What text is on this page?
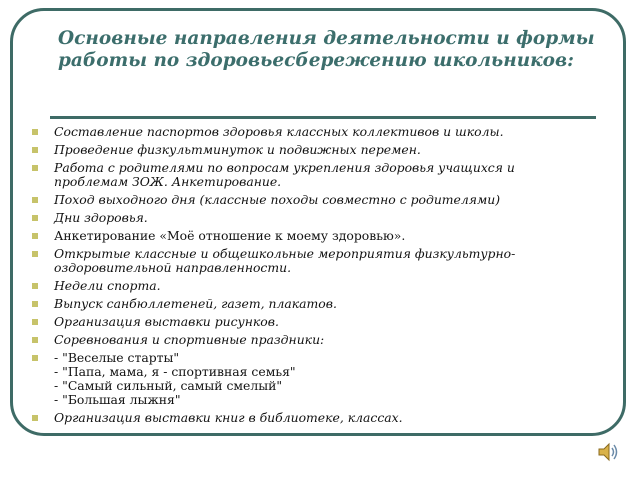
Основные направления деятельности и формы работы по здоровьесбережению школьников:
Составление паспортов здоровья классных коллективов и школы.
Проведение физкультминуток и подвижных перемен.
Работа с родителями по вопросам укрепления здоровья учащихся и проблемам ЗОЖ. Анкетирование.
Поход выходного дня (классные походы совместно с родителями)
Дни здоровья.
Анкетирование «Моё отношение к моему здоровью».
Открытые классные и общешкольные мероприятия физкультурно-оздоровительной направленности.
Недели спорта.
Выпуск санбюллетеней, газет, плакатов.
Организация выставки рисунков.
Соревнования и спортивные праздники:
- "Веселые старты"
- "Папа, мама, я - спортивная семья"
- "Самый сильный, самый смелый"
- "Большая лыжня"
Организация выставки книг в библиотеке, классах.
